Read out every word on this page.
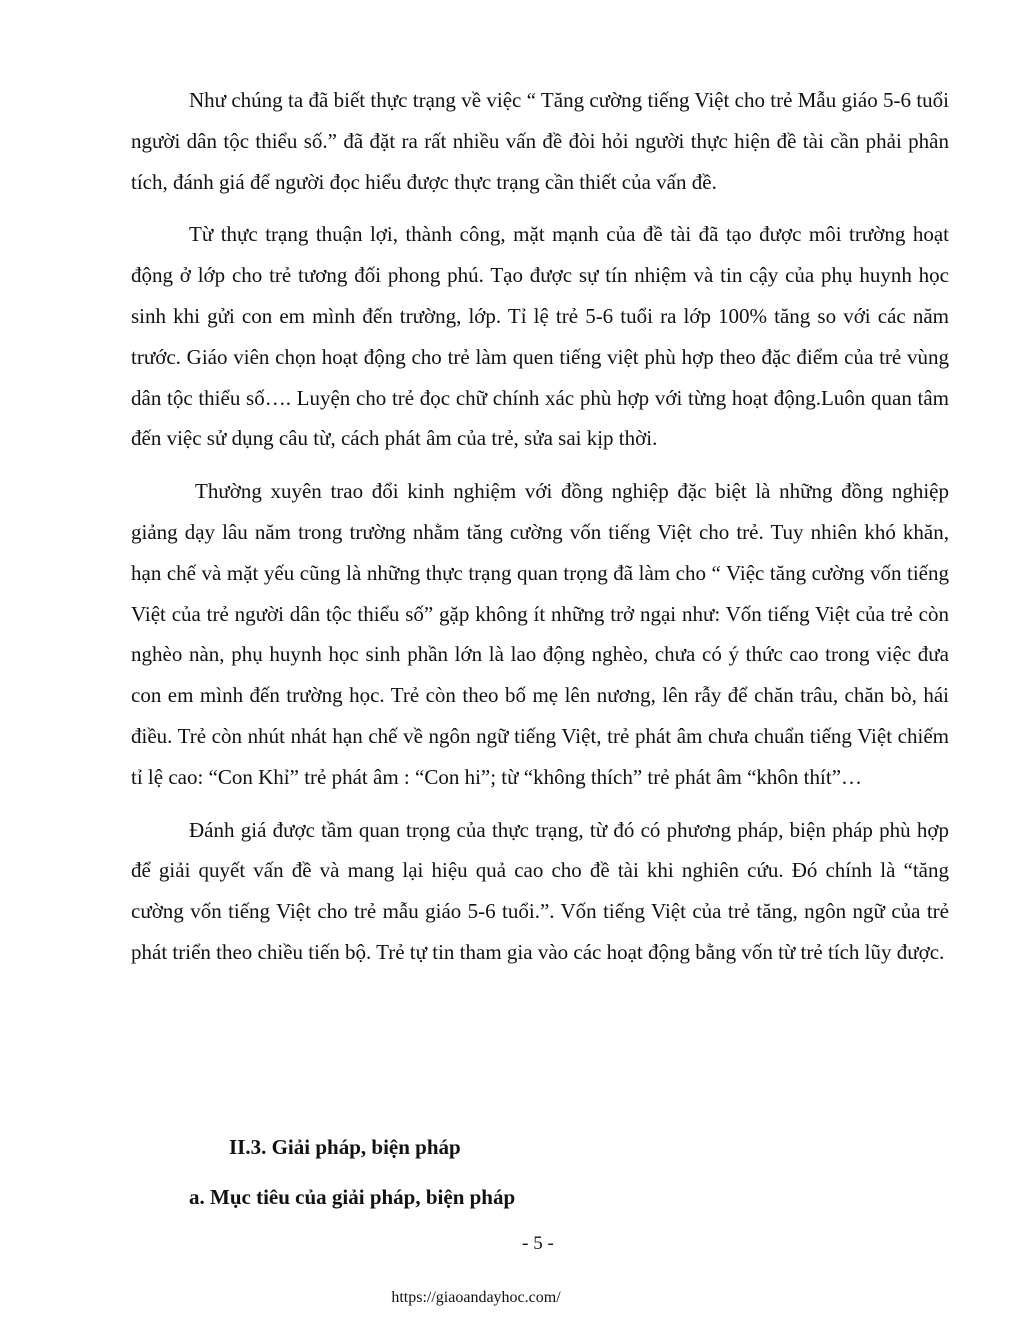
Như chúng ta đã biết thực trạng về việc “ Tăng cường tiếng Việt cho trẻ Mẫu giáo 5-6 tuổi người dân tộc thiểu số.” đã đặt ra rất nhiều vấn đề đòi hỏi người thực hiện đề tài cần phải phân tích, đánh giá để người đọc hiểu được thực trạng cần thiết của vấn đề.

Từ thực trạng thuận lợi, thành công, mặt mạnh của đề tài đã tạo được môi trường hoạt động ở lớp cho trẻ tương đối phong phú. Tạo được sự tín nhiệm và tin cậy của phụ huynh học sinh khi gửi con em mình đến trường, lớp. Tỉ lệ trẻ 5-6 tuổi ra lớp 100% tăng so với các năm trước. Giáo viên chọn hoạt động cho trẻ làm quen tiếng việt phù hợp theo đặc điểm của trẻ vùng dân tộc thiểu số…. Luyện cho trẻ đọc chữ chính xác phù hợp với từng hoạt động.Luôn quan tâm đến việc sử dụng câu từ, cách phát âm của trẻ, sửa sai kịp thời.

Thường xuyên trao đổi kinh nghiệm với đồng nghiệp đặc biệt là những đồng nghiệp giảng dạy lâu năm trong trường nhằm tăng cường vốn tiếng Việt cho trẻ. Tuy nhiên khó khăn, hạn chế và mặt yếu cũng là những thực trạng quan trọng đã làm cho “ Việc tăng cường vốn tiếng Việt của trẻ người dân tộc thiểu số” gặp không ít những trở ngại như: Vốn tiếng Việt của trẻ còn nghèo nàn, phụ huynh học sinh phần lớn là lao động nghèo, chưa có ý thức cao trong việc đưa con em mình đến trường học. Trẻ còn theo bố mẹ lên nương, lên rẫy để chăn trâu, chăn bò, hái điều. Trẻ còn nhút nhát hạn chế về ngôn ngữ tiếng Việt, trẻ phát âm chưa chuẩn tiếng Việt chiếm tỉ lệ cao: “Con Khỉ” trẻ phát âm : “Con hi”; từ “không thích” trẻ phát âm “khôn thít”…

Đánh giá được tầm quan trọng của thực trạng, từ đó có phương pháp, biện pháp phù hợp để giải quyết vấn đề và mang lại hiệu quả cao cho đề tài khi nghiên cứu. Đó chính là “tăng cường vốn tiếng Việt cho trẻ mẫu giáo 5-6 tuổi.”. Vốn tiếng Việt của trẻ tăng, ngôn ngữ của trẻ phát triển theo chiều tiến bộ. Trẻ tự tin tham gia vào các hoạt động bằng vốn từ trẻ tích lũy được.

II.3. Giải pháp, biện pháp
a. Mục tiêu của giải pháp, biện pháp
- 5 -
https://giaoandayhoc.com/
